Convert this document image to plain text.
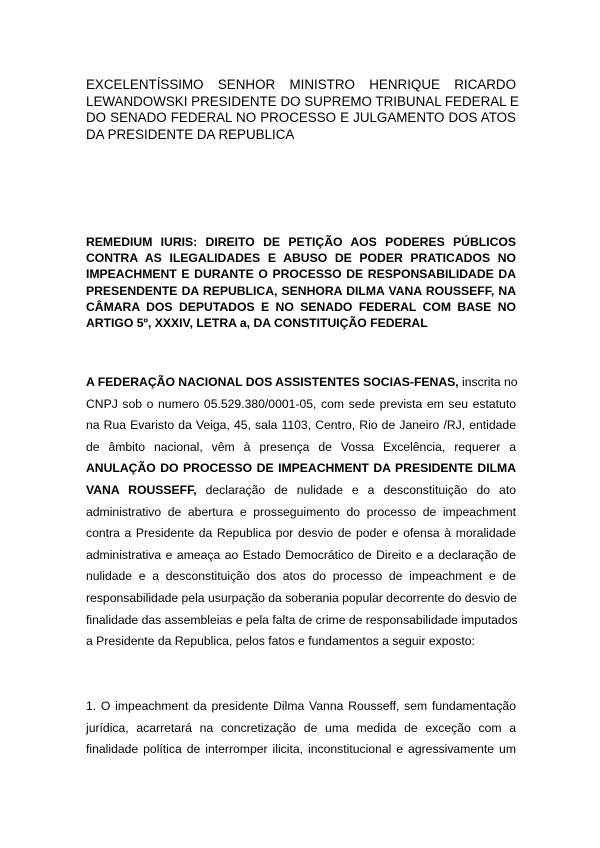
EXCELENTÍSSIMO SENHOR MINISTRO HENRIQUE RICARDO
LEWANDOWSKI PRESIDENTE DO SUPREMO TRIBUNAL FEDERAL E
DO SENADO FEDERAL NO PROCESSO E JULGAMENTO DOS ATOS
DA PRESIDENTE DA REPUBLICA

REMEDIUM IURIS: DIREITO DE PETIÇÃO AOS PODERES PÚBLICOS
CONTRA AS ILEGALIDADES E ABUSO DE PODER PRATICADOS NO
IMPEACHMENT E DURANTE O PROCESSO DE RESPONSABILIDADE DA
PRESENDENTE DA REPUBLICA, SENHORA DILMA VANA ROUSSEFF, NA
CÂMARA DOS DEPUTADOS E NO SENADO FEDERAL COM BASE NO
ARTIGO 5º, XXXIV, LETRA a, DA CONSTITUIÇÃO FEDERAL

A FEDERAÇÃO NACIONAL DOS ASSISTENTES SOCIAS-FENAS, inscrita no
CNPJ sob o numero 05.529.380/0001-05, com sede prevista em seu estatuto
na Rua Evaristo da Veiga, 45, sala 1103, Centro, Rio de Janeiro /RJ, entidade
de âmbito nacional, vêm à presença de Vossa Excelência, requerer a
ANULAÇÃO DO PROCESSO DE IMPEACHMENT DA PRESIDENTE DILMA
VANA ROUSSEFF, declaração de nulidade e a desconstituição do ato
administrativo de abertura e prosseguimento do processo de impeachment
contra a Presidente da Republica por desvio de poder e ofensa à moralidade
administrativa e ameaça ao Estado Democrático de Direito e a declaração de
nulidade e a desconstituição dos atos do processo de impeachment e de
responsabilidade pela usurpação da soberania popular decorrente do desvio de
finalidade das assembleias e pela falta de crime de responsabilidade imputados
a Presidente da Republica, pelos fatos e fundamentos a seguir exposto:

1. O impeachment da presidente Dilma Vanna Rousseff, sem fundamentação
jurídica, acarretará na concretização de uma medida de exceção com a
finalidade política de interromper ilicita, inconstitucional e agressivamente um
